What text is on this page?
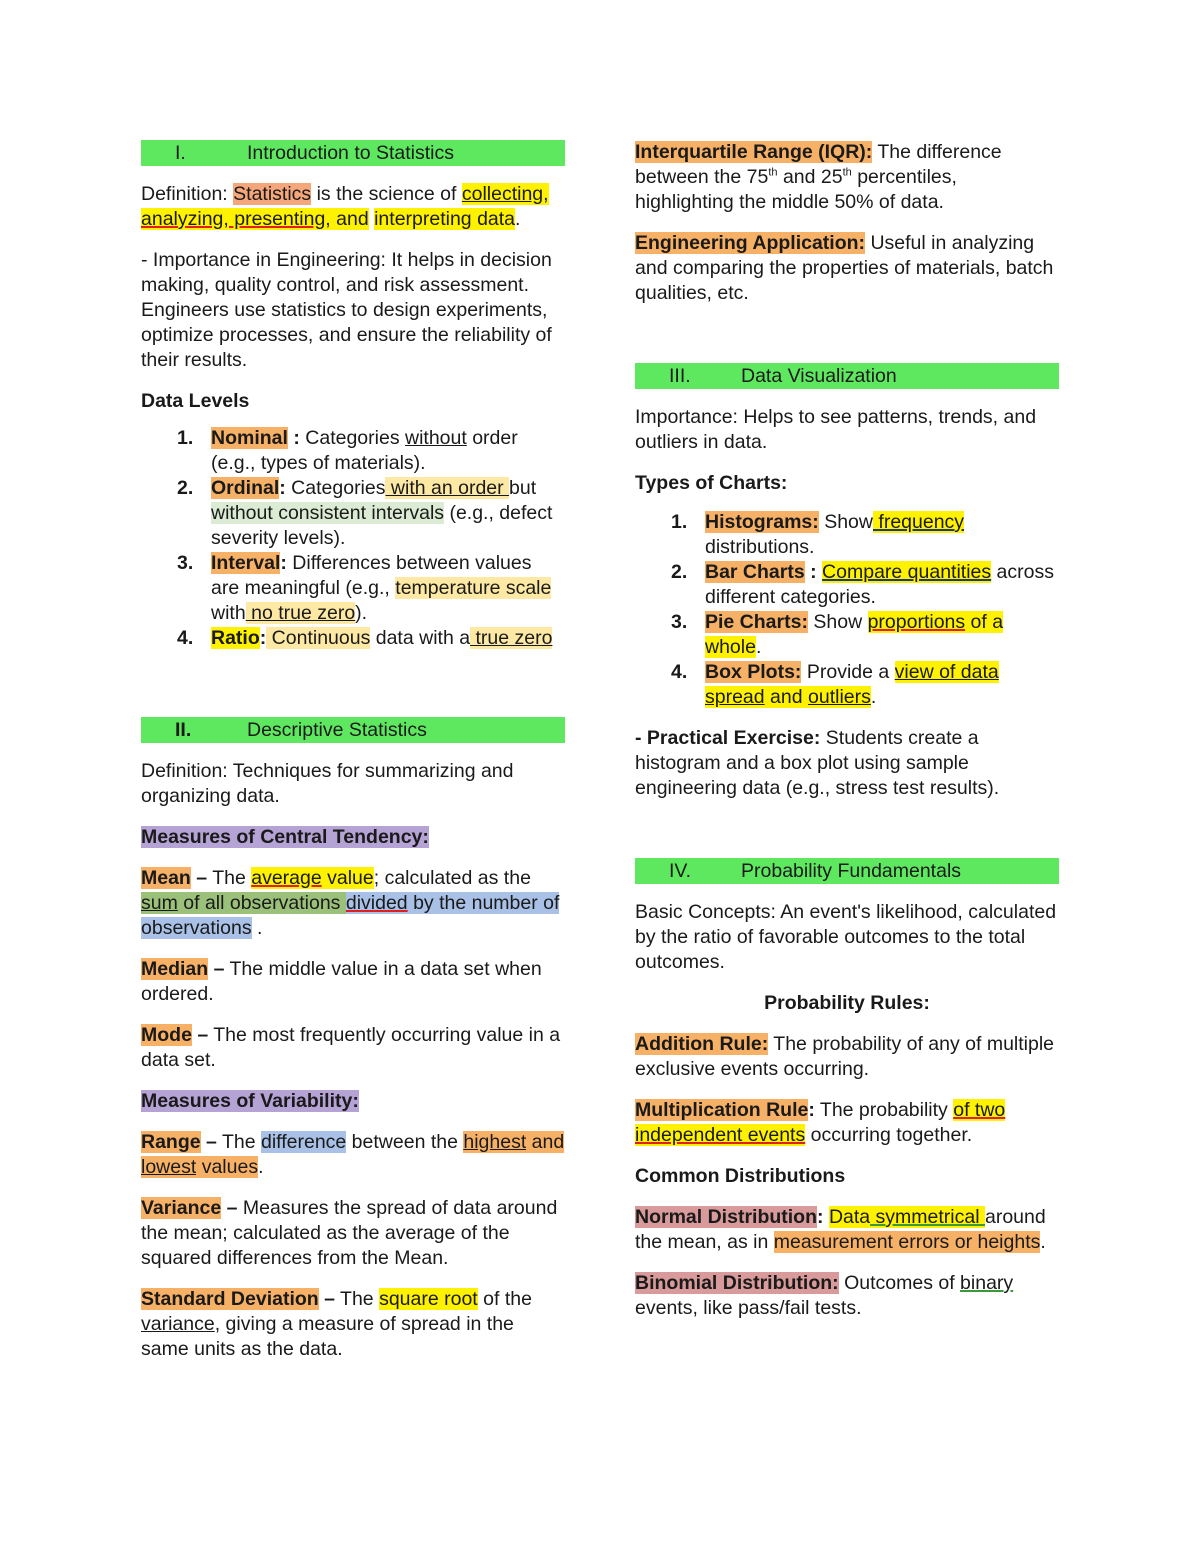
I.	Introduction to Statistics

Definition: Statistics is the science of collecting, analyzing, presenting, and interpreting data.

- Importance in Engineering: It helps in decision making, quality control, and risk assessment. Engineers use statistics to design experiments, optimize processes, and ensure the reliability of their results.

Data Levels

1. Nominal : Categories without order (e.g., types of materials).
2. Ordinal: Categories with an order but without consistent intervals (e.g., defect severity levels).
3. Interval: Differences between values are meaningful (e.g., temperature scale with no true zero).
4. Ratio: Continuous data with a true zero
II.	Descriptive Statistics

Definition: Techniques for summarizing and organizing data.

Measures of Central Tendency:

Mean – The average value; calculated as the sum of all observations divided by the number of observations .

Median – The middle value in a data set when ordered.

Mode – The most frequently occurring value in a data set.

Measures of Variability:

Range – The difference between the highest and lowest values.

Variance – Measures the spread of data around the mean; calculated as the average of the squared differences from the Mean.

Standard Deviation – The square root of the variance, giving a measure of spread in the same units as the data.

Interquartile Range (IQR): The difference between the 75th and 25th percentiles, highlighting the middle 50% of data.

Engineering Application: Useful in analyzing and comparing the properties of materials, batch qualities, etc.

III.	Data Visualization

Importance: Helps to see patterns, trends, and outliers in data.

Types of Charts:

1. Histograms: Show frequency distributions.
2. Bar Charts : Compare quantities across different categories.
3. Pie Charts: Show proportions of a whole.
4. Box Plots: Provide a view of data spread and outliers.

- Practical Exercise: Students create a histogram and a box plot using sample engineering data (e.g., stress test results).

IV.	Probability Fundamentals

Basic Concepts: An event's likelihood, calculated by the ratio of favorable outcomes to the total outcomes.

Probability Rules:

Addition Rule: The probability of any of multiple exclusive events occurring.

Multiplication Rule: The probability of two independent events occurring together.

Common Distributions

Normal Distribution: Data symmetrical around the mean, as in measurement errors or heights.

Binomial Distribution: Outcomes of binary events, like pass/fail tests.
